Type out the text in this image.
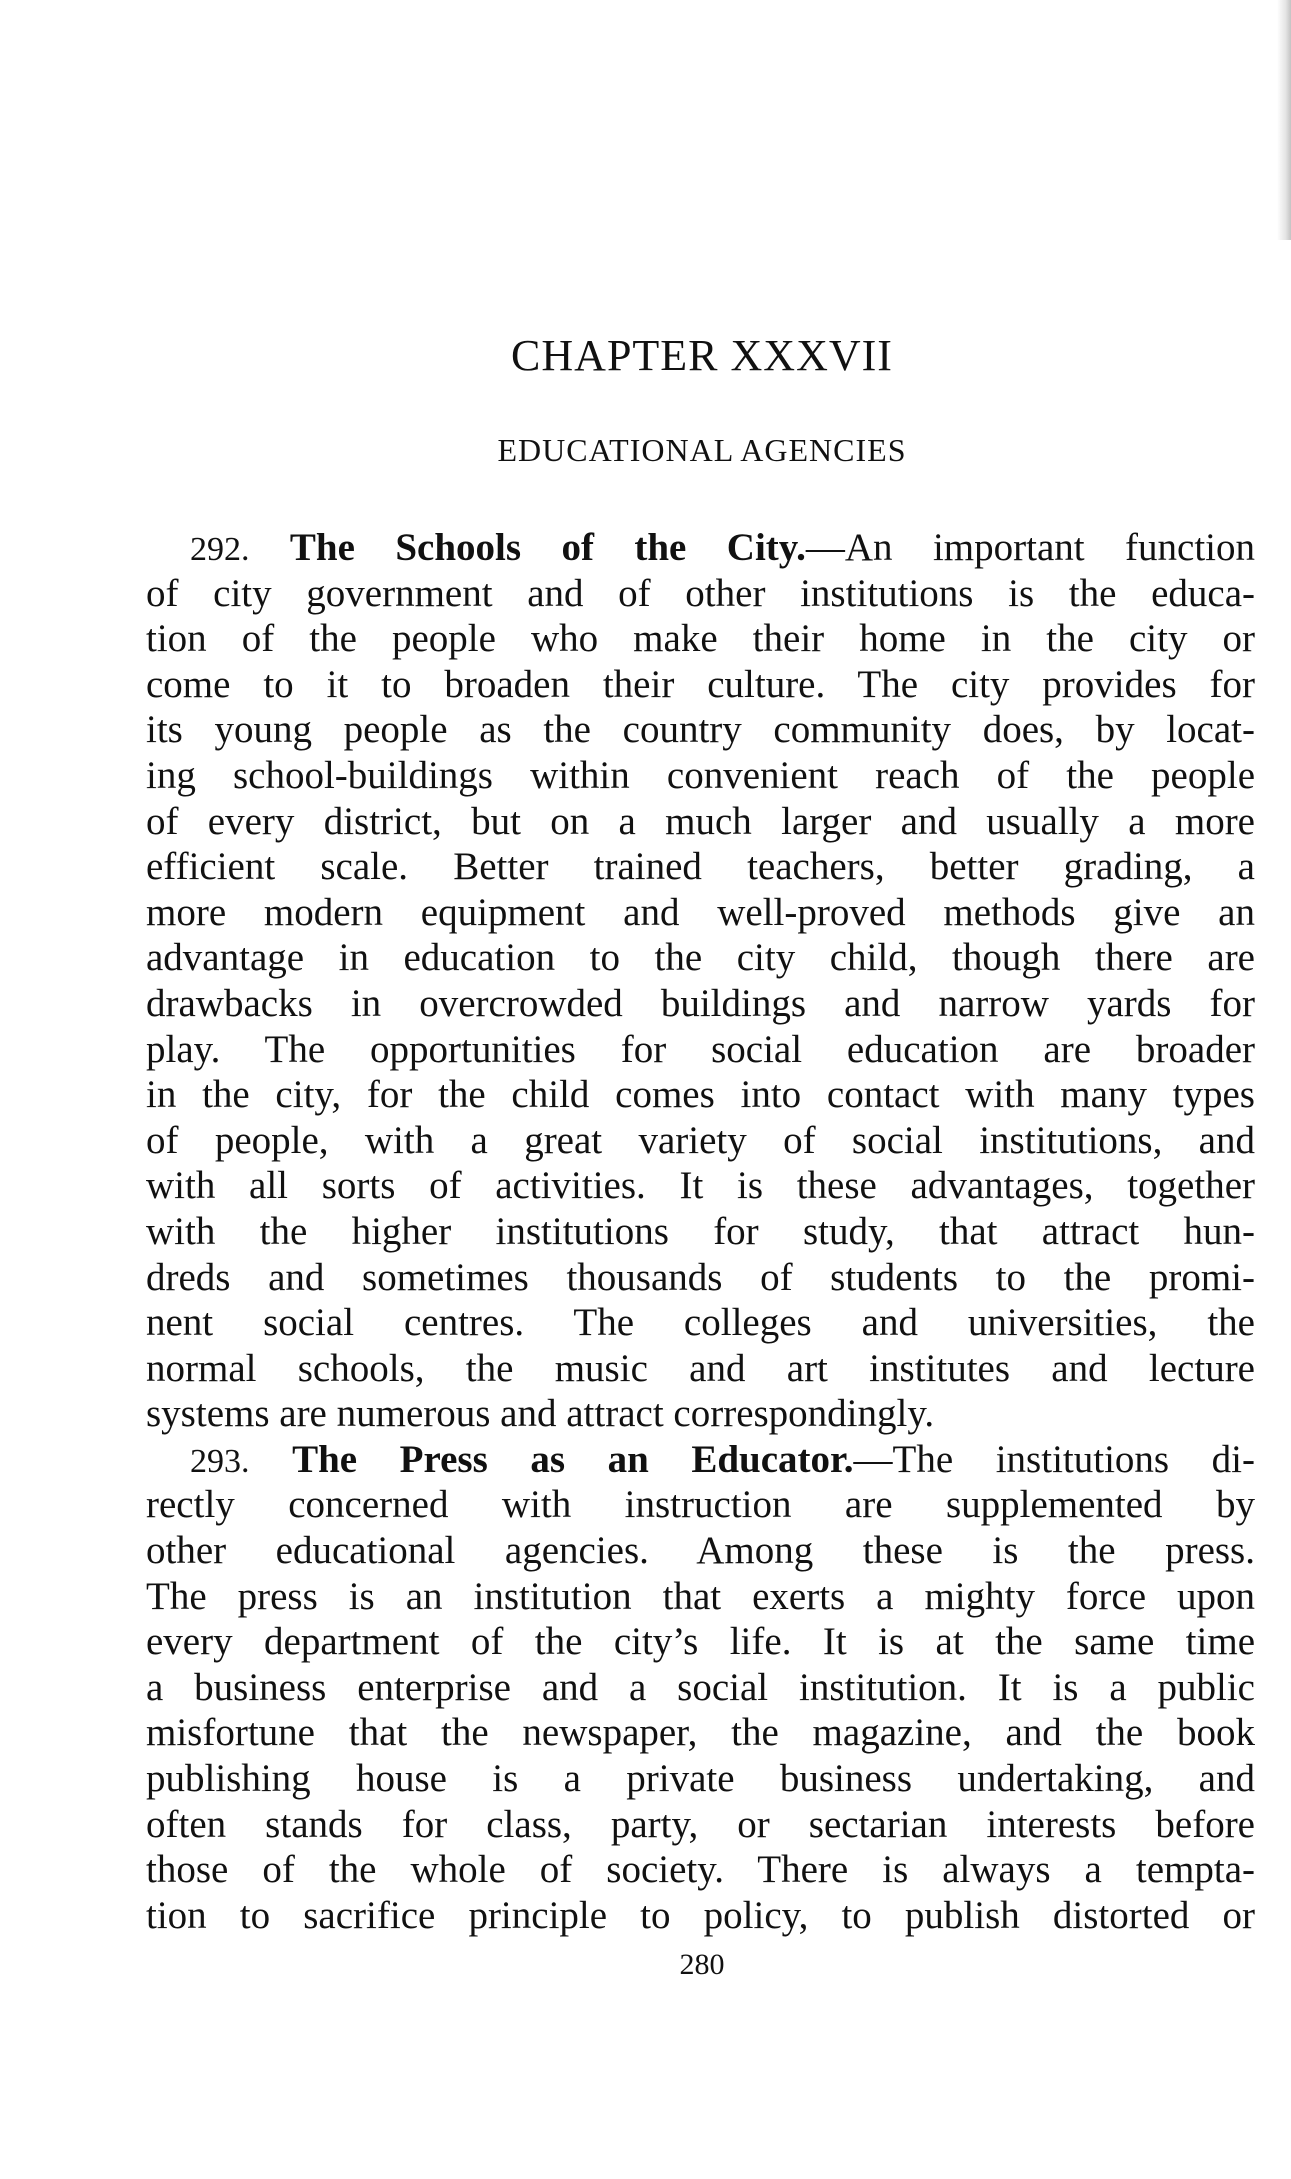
CHAPTER XXXVII
EDUCATIONAL AGENCIES
292. The Schools of the City.—An important function
of city government and of other institutions is the educa-
tion of the people who make their home in the city or
come to it to broaden their culture. The city provides for
its young people as the country community does, by locat-
ing school-buildings within convenient reach of the people
of every district, but on a much larger and usually a more
efficient scale. Better trained teachers, better grading, a
more modern equipment and well-proved methods give an
advantage in education to the city child, though there are
drawbacks in overcrowded buildings and narrow yards for
play. The opportunities for social education are broader
in the city, for the child comes into contact with many types
of people, with a great variety of social institutions, and
with all sorts of activities. It is these advantages, together
with the higher institutions for study, that attract hun-
dreds and sometimes thousands of students to the promi-
nent social centres. The colleges and universities, the
normal schools, the music and art institutes and lecture
systems are numerous and attract correspondingly.
293. The Press as an Educator.—The institutions di-
rectly concerned with instruction are supplemented by
other educational agencies. Among these is the press.
The press is an institution that exerts a mighty force upon
every department of the city’s life. It is at the same time
a business enterprise and a social institution. It is a public
misfortune that the newspaper, the magazine, and the book
publishing house is a private business undertaking, and
often stands for class, party, or sectarian interests before
those of the whole of society. There is always a tempta-
tion to sacrifice principle to policy, to publish distorted or
280
